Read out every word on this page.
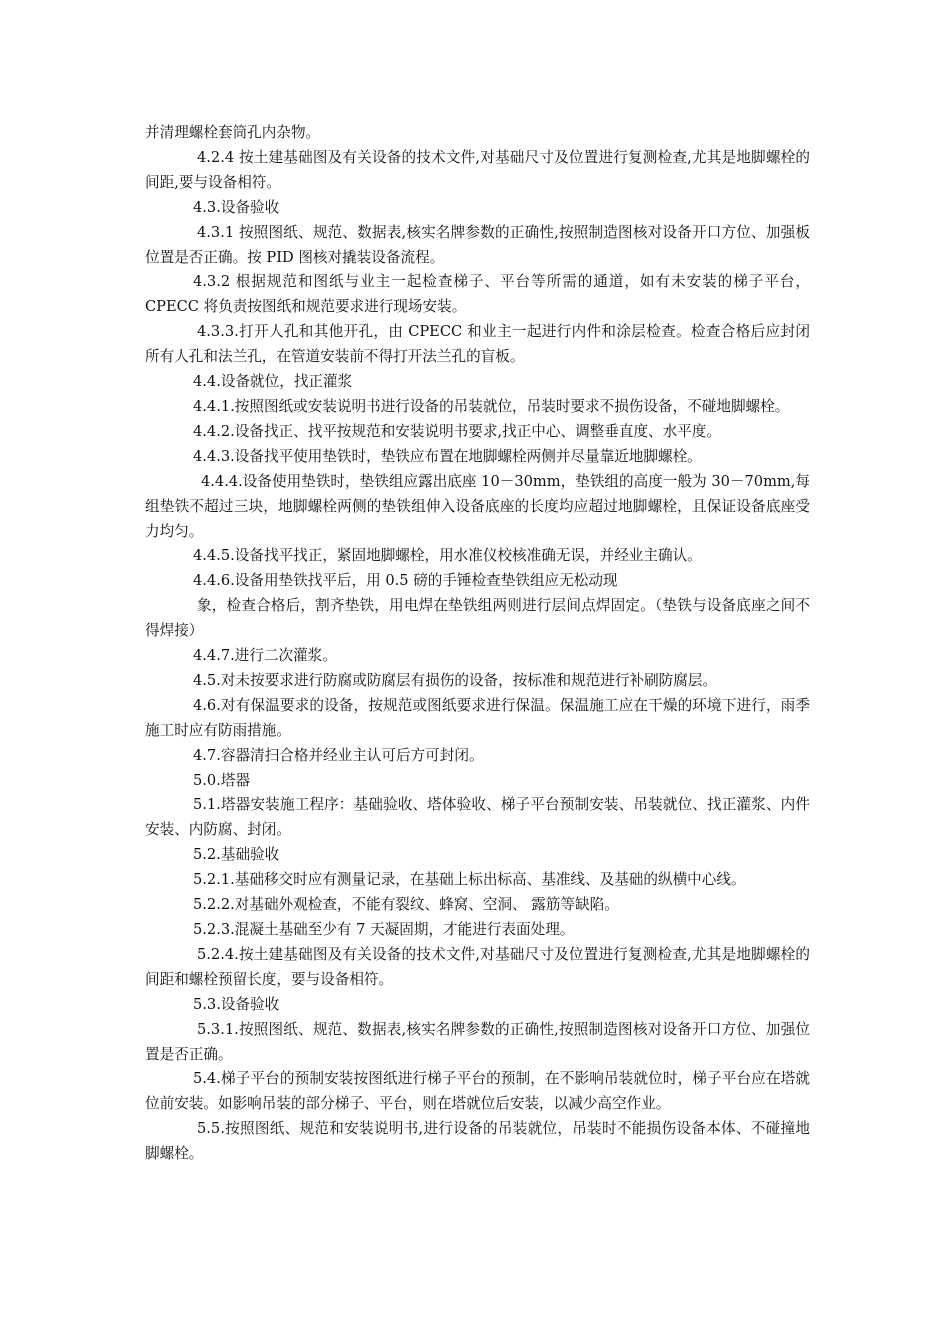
并清理螺栓套筒孔内杂物。

4.2.4 按土建基础图及有关设备的技术文件,对基础尺寸及位置进行复测检查,尤其是地脚螺栓的间距,要与设备相符。

4.3.设备验收

4.3.1 按照图纸、规范、数据表,核实名牌参数的正确性,按照制造图核对设备开口方位、加强板位置是否正确。按 PID 图核对撬装设备流程。

4.3.2 根据规范和图纸与业主一起检查梯子、平台等所需的通道，如有未安装的梯子平台，CPECC 将负责按图纸和规范要求进行现场安装。

4.3.3.打开人孔和其他开孔，由 CPECC 和业主一起进行内件和涂层检查。检查合格后应封闭所有人孔和法兰孔，在管道安装前不得打开法兰孔的盲板。

4.4.设备就位，找正灌浆

4.4.1.按照图纸或安装说明书进行设备的吊装就位，吊装时要求不损伤设备，不碰地脚螺栓。

4.4.2.设备找正、找平按规范和安装说明书要求,找正中心、调整垂直度、水平度。

4.4.3.设备找平使用垫铁时，垫铁应布置在地脚螺栓两侧并尽量靠近地脚螺栓。

4.4.4.设备使用垫铁时，垫铁组应露出底座 10－30mm，垫铁组的高度一般为 30－70mm,每组垫铁不超过三块，地脚螺栓两侧的垫铁组伸入设备底座的长度均应超过地脚螺栓，且保证设备底座受力均匀。

4.4.5.设备找平找正，紧固地脚螺栓，用水准仪校核准确无误，并经业主确认。

4.4.6.设备用垫铁找平后，用 0.5 磅的手锤检查垫铁组应无松动现

象，检查合格后，割齐垫铁，用电焊在垫铁组两则进行层间点焊固定。（垫铁与设备底座之间不得焊接）

4.4.7.进行二次灌浆。

4.5.对未按要求进行防腐或防腐层有损伤的设备，按标准和规范进行补刷防腐层。

4.6.对有保温要求的设备，按规范或图纸要求进行保温。保温施工应在干燥的环境下进行，雨季施工时应有防雨措施。

4.7.容器清扫合格并经业主认可后方可封闭。

5.0.塔器

5.1.塔器安装施工程序：基础验收、塔体验收、梯子平台预制安装、吊装就位、找正灌浆、内件安装、内防腐、封闭。

5.2.基础验收

5.2.1.基础移交时应有测量记录，在基础上标出标高、基准线、及基础的纵横中心线。

5.2.2.对基础外观检查，不能有裂纹、蜂窝、空洞、 露筋等缺陷。

5.2.3.混凝土基础至少有 7 天凝固期，才能进行表面处理。

5.2.4.按土建基础图及有关设备的技术文件,对基础尺寸及位置进行复测检查,尤其是地脚螺栓的间距和螺栓预留长度，要与设备相符。

5.3.设备验收

5.3.1.按照图纸、规范、数据表,核实名牌参数的正确性,按照制造图核对设备开口方位、加强位置是否正确。

5.4.梯子平台的预制安装按图纸进行梯子平台的预制，在不影响吊装就位时，梯子平台应在塔就位前安装。如影响吊装的部分梯子、平台，则在塔就位后安装，以减少高空作业。

5.5.按照图纸、规范和安装说明书,进行设备的吊装就位，吊装时不能损伤设备本体、不碰撞地脚螺栓。
